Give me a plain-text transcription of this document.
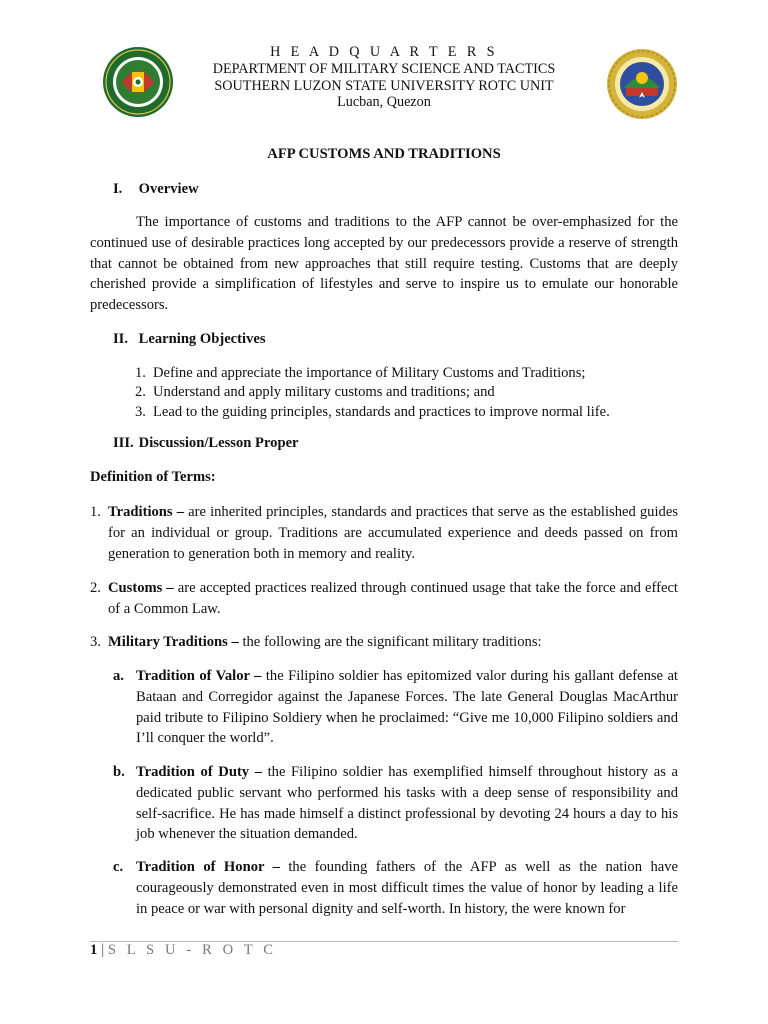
H E A D Q U A R T E R S
DEPARTMENT OF MILITARY SCIENCE AND TACTICS
SOUTHERN LUZON STATE UNIVERSITY ROTC UNIT
Lucban, Quezon
AFP CUSTOMS AND TRADITIONS
I. Overview

The importance of customs and traditions to the AFP cannot be over-emphasized for the continued use of desirable practices long accepted by our predecessors provide a reserve of strength that cannot be obtained from new approaches that still require testing. Customs that are deeply cherished provide a simplification of lifestyles and serve to inspire us to emulate our honorable predecessors.

II. Learning Objectives
1. Define and appreciate the importance of Military Customs and Traditions;
2. Understand and apply military customs and traditions; and
3. Lead to the guiding principles, standards and practices to improve normal life.
III. Discussion/Lesson Proper
Definition of Terms:
1. Traditions – are inherited principles, standards and practices that serve as the established guides for an individual or group. Traditions are accumulated experience and deeds passed on from generation to generation both in memory and reality.
2. Customs – are accepted practices realized through continued usage that take the force and effect of a Common Law.
3. Military Traditions – the following are the significant military traditions:
a. Tradition of Valor – the Filipino soldier has epitomized valor during his gallant defense at Bataan and Corregidor against the Japanese Forces. The late General Douglas MacArthur paid tribute to Filipino Soldiery when he proclaimed: “Give me 10,000 Filipino soldiers and I’ll conquer the world”.
b. Tradition of Duty – the Filipino soldier has exemplified himself throughout history as a dedicated public servant who performed his tasks with a deep sense of responsibility and self-sacrifice. He has made himself a distinct professional by devoting 24 hours a day to his job whenever the situation demanded.
c. Tradition of Honor – the founding fathers of the AFP as well as the nation have courageously demonstrated even in most difficult times the value of honor by leading a life in peace or war with personal dignity and self-worth. In history, the were known for
1 | S L S U - R O T C
